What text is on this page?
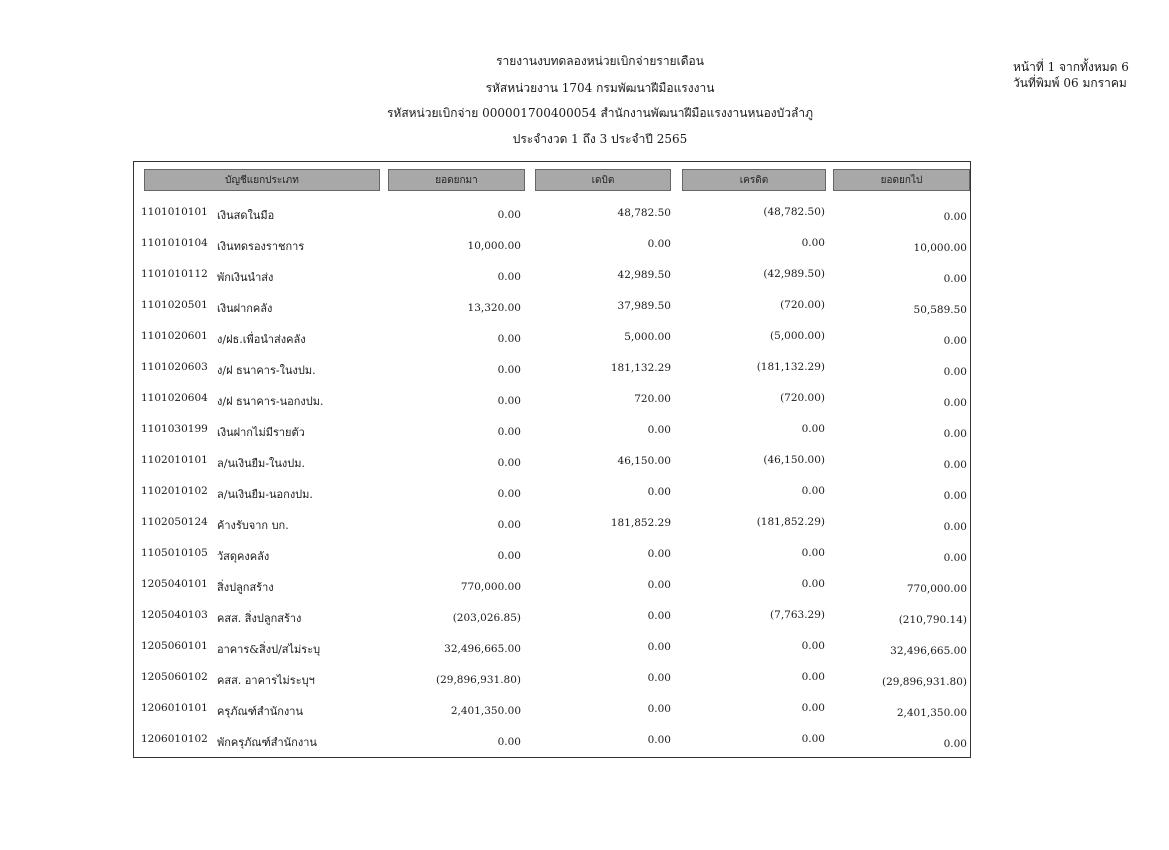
รายงานงบทดลองหน่วยเบิกจ่ายรายเดือน
รหัสหน่วยงาน 1704 กรมพัฒนาฝีมือแรงงาน
รหัสหน่วยเบิกจ่าย 000001700400054 สำนักงานพัฒนาฝีมือแรงงานหนองบัวลำภู
ประจำงวด 1 ถึง 3 ประจำปี 2565
หน้าที่ 1 จากทั้งหมด 6
วันที่พิมพ์ 06 มกราคม
บัญชีแยกประเภท	ยอดยกมา	เดบิต	เครดิต	ยอดยกไป
1101010101 เงินสดในมือ	0.00	48,782.50	(48,782.50)	0.00
1101010104 เงินทดรองราชการ	10,000.00	0.00	0.00	10,000.00
1101010112 พักเงินนำส่ง	0.00	42,989.50	(42,989.50)	0.00
1101020501 เงินฝากคลัง	13,320.00	37,989.50	(720.00)	50,589.50
1101020601 ง/ฝธ.เพื่อนำส่งคลัง	0.00	5,000.00	(5,000.00)	0.00
1101020603 ง/ฝ ธนาคาร-ในงปม.	0.00	181,132.29	(181,132.29)	0.00
1101020604 ง/ฝ ธนาคาร-นอกงปม.	0.00	720.00	(720.00)	0.00
1101030199 เงินฝากไม่มีรายตัว	0.00	0.00	0.00	0.00
1102010101 ล/นเงินยืม-ในงปม.	0.00	46,150.00	(46,150.00)	0.00
1102010102 ล/นเงินยืม-นอกงปม.	0.00	0.00	0.00	0.00
1102050124 ค้างรับจาก บก.	0.00	181,852.29	(181,852.29)	0.00
1105010105 วัสดุคงคลัง	0.00	0.00	0.00	0.00
1205040101 สิ่งปลูกสร้าง	770,000.00	0.00	0.00	770,000.00
1205040103 คสส. สิ่งปลูกสร้าง	(203,026.85)	0.00	(7,763.29)	(210,790.14)
1205060101 อาคาร&สิ่งป/สไม่ระบุ	32,496,665.00	0.00	0.00	32,496,665.00
1205060102 คสส. อาคารไม่ระบุฯ	(29,896,931.80)	0.00	0.00	(29,896,931.80)
1206010101 ครุภัณฑ์สำนักงาน	2,401,350.00	0.00	0.00	2,401,350.00
1206010102 พักครุภัณฑ์สำนักงาน	0.00	0.00	0.00	0.00
